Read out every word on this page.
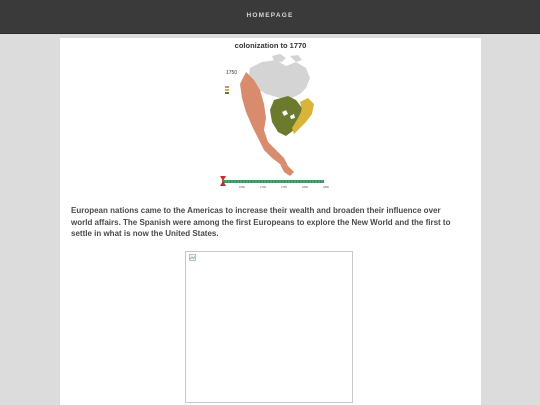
HOMEPAGE
colonization to 1770
1750
1650	1700	1750	1800	1850
European nations came to the Americas to increase their wealth and broaden their influence over world affairs. The Spanish were among the first Europeans to explore the New World and the first to settle in what is now the United States.
